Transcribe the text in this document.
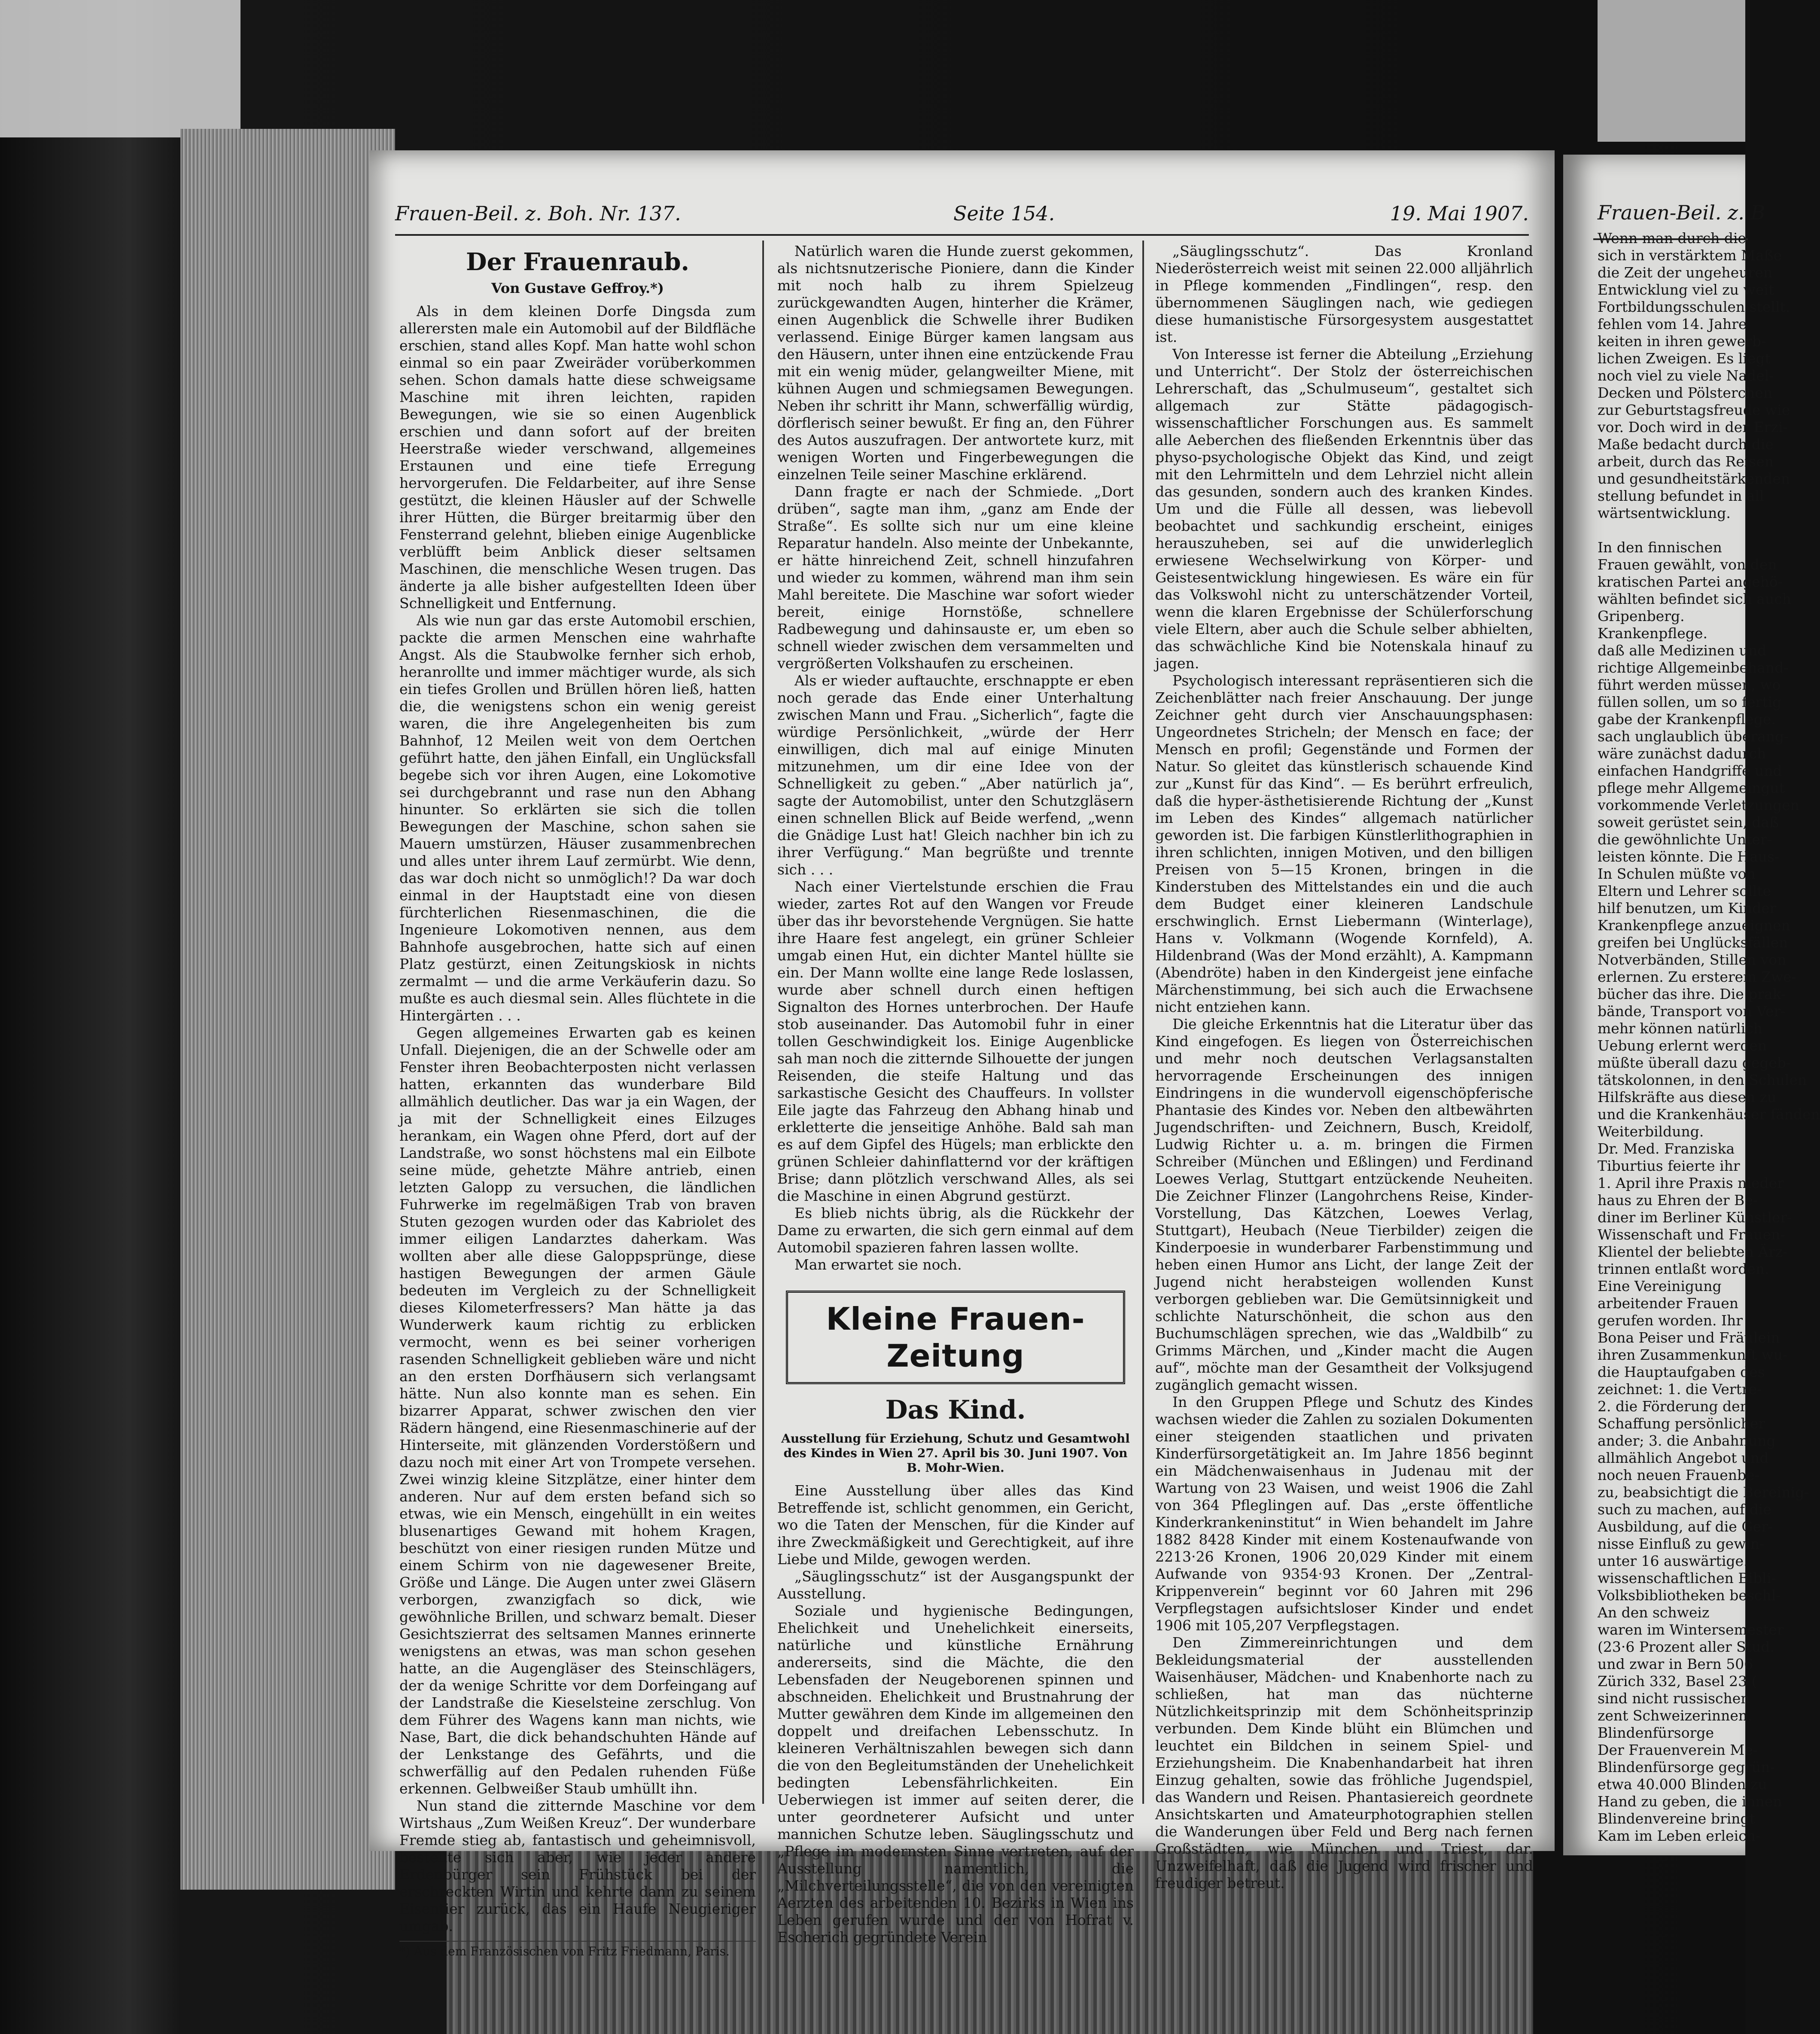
Frauen-Beil. z. Boh. Nr. 137.	Seite 154.	19. Mai 1907.
Der Frauenraub.
Von Gustave Geffroy.*)

Als in dem kleinen Dorfe Dingsda zum allerersten male ein Automobil auf der Bildfläche erschien, stand alles Kopf. Man hatte wohl schon einmal so ein paar Zweiräder vorüberkommen sehen. Schon damals hatte diese schweigsame Maschine mit ihren leichten, rapiden Bewegungen, wie sie so einen Augenblick erschien und dann sofort auf der breiten Heerstraße wieder verschwand, allgemeines Erstaunen und eine tiefe Erregung hervorgerufen. Die Feldarbeiter, auf ihre Sense gestützt, die kleinen Häusler auf der Schwelle ihrer Hütten, die Bürger breitarmig über den Fensterrand gelehnt, blieben einige Augenblicke verblüfft beim Anblick dieser seltsamen Maschinen, die menschliche Wesen trugen. Das änderte ja alle bisher aufgestellten Ideen über Schnelligkeit und Entfernung.

Als wie nun gar das erste Automobil erschien, packte die armen Menschen eine wahrhafte Angst. Als die Staubwolke fernher sich erhob, heranrollte und immer mächtiger wurde, als sich ein tiefes Grollen und Brüllen hören ließ, hatten die, die wenigstens schon ein wenig gereist waren, die ihre Angelegenheiten bis zum Bahnhof, 12 Meilen weit von dem Oertchen geführt hatte, den jähen Einfall, ein Unglücksfall begebe sich vor ihren Augen, eine Lokomotive sei durchgebrannt und rase nun den Abhang hinunter. So erklärten sie sich die tollen Bewegungen der Maschine, schon sahen sie Mauern umstürzen, Häuser zusammenbrechen und alles unter ihrem Lauf zermürbt. Wie denn, das war doch nicht so unmöglich!? Da war doch einmal in der Hauptstadt eine von diesen fürchterlichen Riesenmaschinen, die die Ingenieure Lokomotiven nennen, aus dem Bahnhofe ausgebrochen, hatte sich auf einen Platz gestürzt, einen Zeitungskiosk in nichts zermalmt — und die arme Verkäuferin dazu. So mußte es auch diesmal sein. Alles flüchtete in die Hintergärten . . .

Gegen allgemeines Erwarten gab es keinen Unfall. Diejenigen, die an der Schwelle oder am Fenster ihren Beobachterposten nicht verlassen hatten, erkannten das wunderbare Bild allmählich deutlicher. Das war ja ein Wagen, der ja mit der Schnelligkeit eines Eilzuges herankam, ein Wagen ohne Pferd, dort auf der Landstraße, wo sonst höchstens mal ein Eilbote seine müde, gehetzte Mähre antrieb, einen letzten Galopp zu versuchen, die ländlichen Fuhrwerke im regelmäßigen Trab von braven Stuten gezogen wurden oder das Kabriolet des immer eiligen Landarztes daherkam. Was wollten aber alle diese Galoppsprünge, diese hastigen Bewegungen der armen Gäule bedeuten im Vergleich zu der Schnelligkeit dieses Kilometerfressers? Man hätte ja das Wunderwerk kaum richtig zu erblicken vermocht, wenn es bei seiner vorherigen rasenden Schnelligkeit geblieben wäre und nicht an den ersten Dorfhäusern sich verlangsamt hätte. Nun also konnte man es sehen. Ein bizarrer Apparat, schwer zwischen den vier Rädern hängend, eine Riesenmaschinerie auf der Hinterseite, mit glänzenden Vorderstößern und dazu noch mit einer Art von Trompete versehen. Zwei winzig kleine Sitzplätze, einer hinter dem anderen. Nur auf dem ersten befand sich so etwas, wie ein Mensch, eingehüllt in ein weites blusenartiges Gewand mit hohem Kragen, beschützt von einer riesigen runden Mütze und einem Schirm von nie dagewesener Breite, Größe und Länge. Die Augen unter zwei Gläsern verborgen, zwanzigfach so dick, wie gewöhnliche Brillen, und schwarz bemalt. Dieser Gesichtszierrat des seltsamen Mannes erinnerte wenigstens an etwas, was man schon gesehen hatte, an die Augengläser des Steinschlägers, der da wenige Schritte vor dem Dorfeingang auf der Landstraße die Kieselsteine zerschlug. Von dem Führer des Wagens kann man nichts, wie Nase, Bart, die dick behandschuhten Hände auf der Lenkstange des Gefährts, und die schwerfällig auf den Pedalen ruhenden Füße erkennen. Gelbweißer Staub umhüllt ihn.

Nun stand die zitternde Maschine vor dem Wirtshaus „Zum Weißen Kreuz“. Der wunderbare Fremde stieg ab, fantastisch und geheimnisvoll, bestellte sich aber, wie jeder andere Erdenbürger sein Frühstück bei der erschreckten Wirtin und kehrte dann zu seinem Eisentier zurück, das ein Haufe Neugieriger umgab.

*) Aus dem Französischen von Fritz Friedmann, Paris.

Natürlich waren die Hunde zuerst gekommen, als nichtsnutzerische Pioniere, dann die Kinder mit noch halb zu ihrem Spielzeug zurückgewandten Augen, hinterher die Krämer, einen Augenblick die Schwelle ihrer Budiken verlassend. Einige Bürger kamen langsam aus den Häusern, unter ihnen eine entzückende Frau mit ein wenig müder, gelangweilter Miene, mit kühnen Augen und schmiegsamen Bewegungen. Neben ihr schritt ihr Mann, schwerfällig würdig, dörflerisch seiner bewußt. Er fing an, den Führer des Autos auszufragen. Der antwortete kurz, mit wenigen Worten und Fingerbewegungen die einzelnen Teile seiner Maschine erklärend.

Dann fragte er nach der Schmiede. „Dort drüben“, sagte man ihm, „ganz am Ende der Straße“. Es sollte sich nur um eine kleine Reparatur handeln. Also meinte der Unbekannte, er hätte hinreichend Zeit, schnell hinzufahren und wieder zu kommen, während man ihm sein Mahl bereitete. Die Maschine war sofort wieder bereit, einige Hornstöße, schnellere Radbewegung und dahinsauste er, um eben so schnell wieder zwischen dem versammelten und vergrößerten Volkshaufen zu erscheinen.

Als er wieder auftauchte, erschnappte er eben noch gerade das Ende einer Unterhaltung zwischen Mann und Frau. „Sicherlich“, fagte die würdige Persönlichkeit, „würde der Herr einwilligen, dich mal auf einige Minuten mitzunehmen, um dir eine Idee von der Schnelligkeit zu geben.“ „Aber natürlich ja“, sagte der Automobilist, unter den Schutzgläsern einen schnellen Blick auf Beide werfend, „wenn die Gnädige Lust hat! Gleich nachher bin ich zu ihrer Verfügung.“ Man begrüßte und trennte sich . . .

Nach einer Viertelstunde erschien die Frau wieder, zartes Rot auf den Wangen vor Freude über das ihr bevorstehende Vergnügen. Sie hatte ihre Haare fest angelegt, ein grüner Schleier umgab einen Hut, ein dichter Mantel hüllte sie ein. Der Mann wollte eine lange Rede loslassen, wurde aber schnell durch einen heftigen Signalton des Hornes unterbrochen. Der Haufe stob auseinander. Das Automobil fuhr in einer tollen Geschwindigkeit los. Einige Augenblicke sah man noch die zitternde Silhouette der jungen Reisenden, die steife Haltung und das sarkastische Gesicht des Chauffeurs. In vollster Eile jagte das Fahrzeug den Abhang hinab und erkletterte die jenseitige Anhöhe. Bald sah man es auf dem Gipfel des Hügels; man erblickte den grünen Schleier dahinflatternd vor der kräftigen Brise; dann plötzlich verschwand Alles, als sei die Maschine in einen Abgrund gestürzt.

Es blieb nichts übrig, als die Rückkehr der Dame zu erwarten, die sich gern einmal auf dem Automobil spazieren fahren lassen wollte.

Man erwartet sie noch.

Kleine Frauen-Zeitung
Das Kind.
Ausstellung für Erziehung, Schutz und Gesamtwohl des Kindes in Wien 27. April bis 30. Juni 1907. Von B. Mohr-Wien.

Eine Ausstellung über alles das Kind Betreffende ist, schlicht genommen, ein Gericht, wo die Taten der Menschen, für die Kinder auf ihre Zweckmäßigkeit und Gerechtigkeit, auf ihre Liebe und Milde, gewogen werden.

„Säuglingsschutz“ ist der Ausgangspunkt der Ausstellung.

Soziale und hygienische Bedingungen, Ehelichkeit und Unehelichkeit einerseits, natürliche und künstliche Ernährung andererseits, sind die Mächte, die den Lebensfaden der Neugeborenen spinnen und abschneiden. Ehelichkeit und Brustnahrung der Mutter gewähren dem Kinde im allgemeinen den doppelt und dreifachen Lebensschutz. In kleineren Verhältniszahlen bewegen sich dann die von den Begleitumständen der Unehelichkeit bedingten Lebensfährlichkeiten. Ein Ueberwiegen ist immer auf seiten derer, die unter geordneterer Aufsicht und unter mannichen Schutze leben. Säuglingsschutz und „Pflege im modernsten Sinne vertreten, auf der Ausstellung namentlich, die „Milchverteilungsstelle“, die von den vereinigten Aerzten des arbeitenden 10. Bezirks in Wien ins Leben gerufen wurde und der von Hofrat v. Escherich gegründete Verein

„Säuglingsschutz“. Das Kronland Niederösterreich weist mit seinen 22.000 alljährlich in Pflege kommenden „Findlingen“, resp. den übernommenen Säuglingen nach, wie gediegen diese humanistische Fürsorgesystem ausgestattet ist.

Von Interesse ist ferner die Abteilung „Erziehung und Unterricht“. Der Stolz der österreichischen Lehrerschaft, das „Schulmuseum“, gestaltet sich allgemach zur Stätte pädagogisch-wissenschaftlicher Forschungen aus. Es sammelt alle Aeberchen des fließenden Erkenntnis über das physo-psychologische Objekt das Kind, und zeigt mit den Lehrmitteln und dem Lehrziel nicht allein das gesunden, sondern auch des kranken Kindes. Um und die Fülle all dessen, was liebevoll beobachtet und sachkundig erscheint, einiges herauszuheben, sei auf die unwiderleglich erwiesene Wechselwirkung von Körper- und Geistesentwicklung hingewiesen. Es wäre ein für das Volkswohl nicht zu unterschätzender Vorteil, wenn die klaren Ergebnisse der Schülerforschung viele Eltern, aber auch die Schule selber abhielten, das schwächliche Kind bie Notenskala hinauf zu jagen.

Psychologisch interessant repräsentieren sich die Zeichenblätter nach freier Anschauung. Der junge Zeichner geht durch vier Anschauungsphasen: Ungeordnetes Stricheln; der Mensch en face; der Mensch en profil; Gegenstände und Formen der Natur. So gleitet das künstlerisch schauende Kind zur „Kunst für das Kind“. — Es berührt erfreulich, daß die hyper-ästhetisierende Richtung der „Kunst im Leben des Kindes“ allgemach natürlicher geworden ist. Die farbigen Künstlerlithographien in ihren schlichten, innigen Motiven, und den billigen Preisen von 5—15 Kronen, bringen in die Kinderstuben des Mittelstandes ein und die auch dem Budget einer kleineren Landschule erschwinglich. Ernst Liebermann (Winterlage), Hans v. Volkmann (Wogende Kornfeld), A. Hildenbrand (Was der Mond erzählt), A. Kampmann (Abendröte) haben in den Kindergeist jene einfache Märchenstimmung, bei sich auch die Erwachsene nicht entziehen kann.

Die gleiche Erkenntnis hat die Literatur über das Kind eingefogen. Es liegen von Österreichischen und mehr noch deutschen Verlagsanstalten hervorragende Erscheinungen des innigen Eindringens in die wundervoll eigenschöpferische Phantasie des Kindes vor. Neben den altbewährten Jugendschriften- und Zeichnern, Busch, Kreidolf, Ludwig Richter u. a. m. bringen die Firmen Schreiber (München und Eßlingen) und Ferdinand Loewes Verlag, Stuttgart entzückende Neuheiten. Die Zeichner Flinzer (Langohrchens Reise, Kinder-Vorstellung, Das Kätzchen, Loewes Verlag, Stuttgart), Heubach (Neue Tierbilder) zeigen die Kinderpoesie in wunderbarer Farbenstimmung und heben einen Humor ans Licht, der lange Zeit der Jugend nicht herabsteigen wollenden Kunst verborgen geblieben war. Die Gemütsinnigkeit und schlichte Naturschönheit, die schon aus den Buchumschlägen sprechen, wie das „Waldbilb“ zu Grimms Märchen, und „Kinder macht die Augen auf“, möchte man der Gesamtheit der Volksjugend zugänglich gemacht wissen.

In den Gruppen Pflege und Schutz des Kindes wachsen wieder die Zahlen zu sozialen Dokumenten einer steigenden staatlichen und privaten Kinderfürsorgetätigkeit an. Im Jahre 1856 beginnt ein Mädchenwaisenhaus in Judenau mit der Wartung von 23 Waisen, und weist 1906 die Zahl von 364 Pfleglingen auf. Das „erste öffentliche Kinderkrankeninstitut“ in Wien behandelt im Jahre 1882 8428 Kinder mit einem Kostenaufwande von 2213·26 Kronen, 1906 20,029 Kinder mit einem Aufwande von 9354·93 Kronen. Der „Zentral-Krippenverein“ beginnt vor 60 Jahren mit 296 Verpflegstagen aufsichtsloser Kinder und endet 1906 mit 105,207 Verpflegstagen.

Den Zimmereinrichtungen und dem Bekleidungsmaterial der ausstellenden Waisenhäuser, Mädchen- und Knabenhorte nach zu schließen, hat man das nüchterne Nützlichkeitsprinzip mit dem Schönheitsprinzip verbunden. Dem Kinde blüht ein Blümchen und leuchtet ein Bildchen in seinem Spiel- und Erziehungsheim. Die Knabenhandarbeit hat ihren Einzug gehalten, sowie das fröhliche Jugendspiel, das Wandern und Reisen. Phantasiereich geordnete Ansichtskarten und Amateurphotographien stellen die Wanderungen über Feld und Berg nach fernen Großstädten, wie München und Triest, dar. Unzweifelhaft, daß die Jugend wird frischer und freudiger betreut.

Frauen-Beil. z. B
Wenn man durch die
sich in verstärktem Maße
die Zeit der ungeheuren
Entwicklung viel zu weit
Fortbildungsschulen stellt.
fehlen vom 14. Jahre
keiten in ihren gewerb-
lichen Zweigen. Es liegt
noch viel zu viele Nadel-
Decken und Pölsterchen
zur Geburtstagsfreude wie
vor. Doch wird in der Erzi-
Maße bedacht durch die
arbeit, durch das Reisen
und gesundheitstärkenden
stellung befundet in all
wärtsentwicklung.

In den finnischen
Frauen gewählt, von den
kratischen Partei angehö-
wählten befindet sich auch
Gripenberg.
Krankenpflege.
daß alle Medizinen und
richtige Allgemeinbehand-
führt werden müssen, wo
füllen sollen, um so fertig
gabe der Krankenpflege.
sach unglaublich überang-
wäre zunächst dadurch
einfachen Handgriffe und
pflege mehr Allgemeingut
vorkommende Verletzungen
soweit gerüstet sein, daß
die gewöhnlichte Unter-
leisten könnte. Die Haus-
In Schulen müßte von
Eltern und Lehrer sollte
hilf benutzen, um Kinder
Krankenpflege anzueignen
greifen bei Unglücksfällen
Notverbänden, Stillen von
erlernen. Zu ersterem Zwe-
bücher das ihre. Die prak-
bände, Transport von Ver-
mehr können natürlich
Uebung erlernt werden
müßte überall dazu gegeb-
tätskolonnen, in den Schulen
Hilfskräfte aus diesen zu
und die Krankenhäuser fänden
Weiterbildung.
Dr. Med. Franziska
Tiburtius feierte ihr
1. April ihre Praxis nieder
haus zu Ehren der Be-
diner im Berliner Künstler-
Wissenschaft und Frauen-
Klientel der beliebten Ärz-
trinnen entlaßt worden.
Eine Vereinigung
arbeitender Frauen
gerufen worden. Ihr
Bona Peiser und Fräulein
ihren Zusammenkunft wu-
die Hauptaufgaben des
zeichnet: 1. die Vertre-
2. die Förderung der
Schaffung persönlicher
ander; 3. die Anbahnung
allmählich Angebot und
noch neuen Frauenbe-
zu, beabsichtigt die Bereinig-
such zu machen, auf die
Ausbildung, auf die Ger-
nisse Einfluß zu gewin-
unter 16 auswärtige.
wissenschaftlichen Bibli-
Volksbibliotheken beschl-
An den schweiz
waren im Wintersemester
(23·6 Prozent aller Stud.
und zwar in Bern 506
Zürich 332, Basel 23 (
sind nicht russischen
zent Schweizerinnen.
Blindenfürsorge
Der Frauenverein Me-
Blindenfürsorge gegrün-
etwa 40.000 Blinden zu
Hand zu geben, die ihnen
Blindenvereine bringt
Kam im Leben erleich-
